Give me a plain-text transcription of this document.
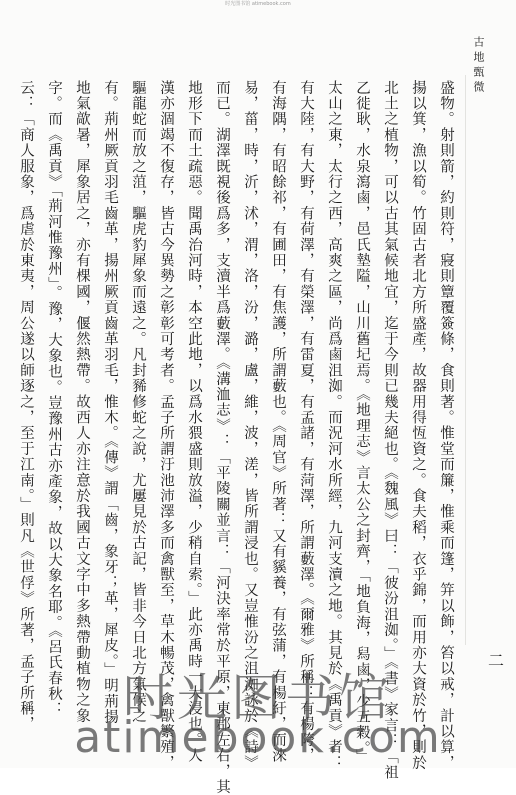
时光图书馆 atimebook.com
古地甄微
盛物。射則箭，約則符，寢則簟覆簽條，食則著。惟堂而簾，惟乘而篷，笄以飾，笞以戒，計以算，
揚以箕，漁以筍。竹固古者北方所盛產，故器用得恆資之。食夫稻，衣乎錦，而用亦大資於竹，則於
北土之植物，可以古其氣候地宜，迄于今則已幾夫絕也。《魏風》曰：「彼汾沮洳。」《書》家言：「祖
乙徙耿，水泉瀉鹵，邑氏墊隘，山川舊圮焉。《地理志》言太公之封齊，「地負海，舄鹵，少五穀。」
太山之東，太行之西，高爽之區，尚爲鹵沮洳。而況河水所經，九河支瀆之地。其見於《禹貢》者：
有大陸，有大野，有荷澤，有榮澤，有雷夏，有孟諸，有菏澤，所謂藪澤。《爾雅》所稱：有楊陓，
有海隅，有昭餘祁，有圃田，有焦護，所謂藪也。《周官》所著：又有貕養，有弦蒲，有楊紆，而淶
易，菑，時，沂，沭，渭，洛，汾，潞，盧，維，波，溠，皆所謂浸也。又豈惟汾之沮洳詠於《詩》
而已。湖澤既視後爲多，支瀆半爲藪澤。《溝洫志》：「平陵關並言：「河決率常於平原，東郡左右，其
地形下而土疏惡。聞禹治河時，本空此地，以爲水猥盛則放溢，少稍自索。」此亦禹時一大浸也。人
漢亦涸竭不復存，皆古今異勢之彰彰可考者。孟子所謂汙池沛澤多而禽獸至，草木暢茂，禽獸繁殖，
驅龍蛇而放之菹，驅虎豹犀象而遠之。凡封豨修蛇之說，尤屢見於古記，皆非今日北方氣候之
有。荊州厥貢羽毛齒革，揚州厥貢齒革羽毛，惟木。《傳》謂「齒，象牙；革，犀皮。」明荊揚
地氣歊暑，犀象居之，亦有棵國，偃然熱帶。故西人亦注意於我國古文字中多熱帶動植物之象
字。而《禹貢》「荊河惟豫州」。豫，大象也。豈豫州古亦產象，故以大象名耶。《呂氏春秋：
云：「商人服象，爲虐於東夷，周公遂以師逐之，至于江南。」則凡《世俘》所著，孟子所稱，	二
时光图书馆
atimebook.com
